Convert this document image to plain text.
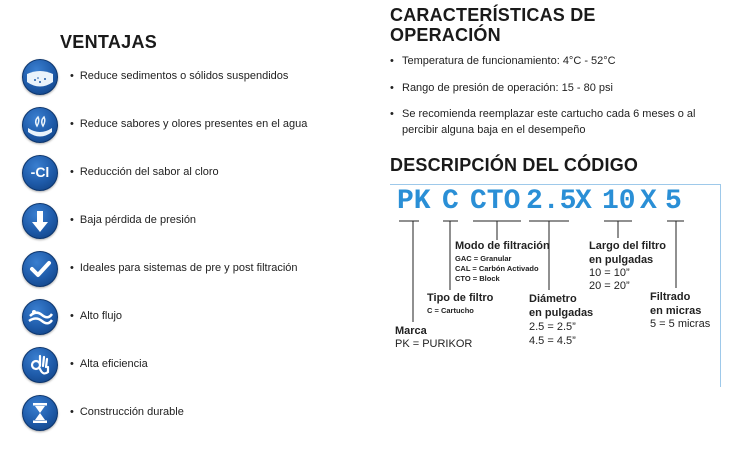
VENTAJAS
• Reduce sedimentos o sólidos suspendidos
• Reduce sabores y olores presentes en el agua
-Cl
•	Reducción del sabor al cloro
• Baja pérdida de presión
• Ideales para sistemas de pre y post filtración
• Alto flujo
• Alta eficiencia
• Construcción durable
CARACTERÍSTICAS DE
OPERACIÓN
• Temperatura de funcionamiento: 4°C - 52°C
• Rango de presión de operación: 15 - 80 psi
• Se recomienda reemplazar este cartucho cada 6 meses o al percibir alguna baja en el desempeño
DESCRIPCIÓN DEL CÓDIGO
PK C CTO 2.5
X 10 X 5
Modo de filtración
GAC = Granular
CAL = Carbón Activado
CTO = Block
Largo del filtro
en pulgadas
10 = 10”
20 = 20”
Tipo de filtro
C = Cartucho
Diámetro
en pulgadas
2.5 = 2.5”
4.5 = 4.5”
Filtrado
en micras
5 = 5 micras
Marca
PK = PURIKOR
